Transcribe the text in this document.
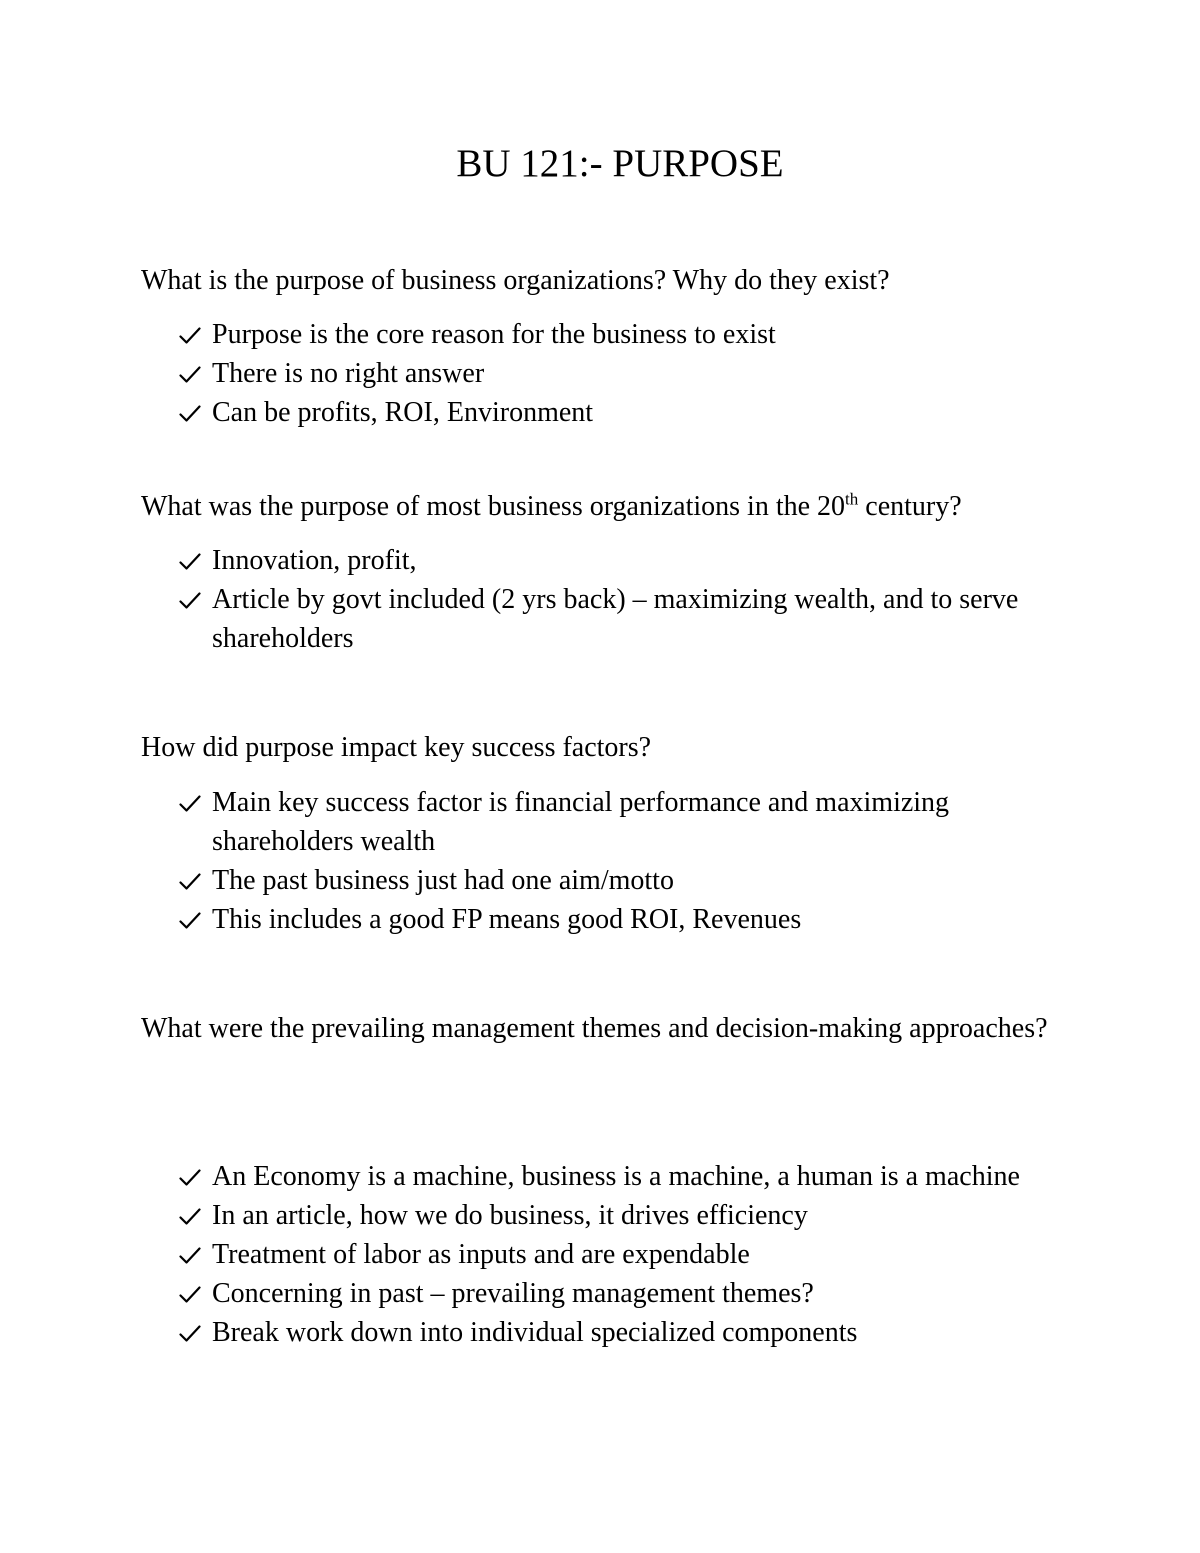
BU 121:- PURPOSE

What is the purpose of business organizations? Why do they exist?

Purpose is the core reason for the business to exist
There is no right answer
Can be profits, ROI, Environment

What was the purpose of most business organizations in the 20th century?

Innovation, profit,
Article by govt included (2 yrs back) – maximizing wealth, and to serve shareholders

How did purpose impact key success factors?

Main key success factor is financial performance and maximizing shareholders wealth
The past business just had one aim/motto
This includes a good FP means good ROI, Revenues

What were the prevailing management themes and decision-making approaches?

An Economy is a machine, business is a machine, a human is a machine
In an article, how we do business, it drives efficiency
Treatment of labor as inputs and are expendable
Concerning in past – prevailing management themes?
Break work down into individual specialized components
